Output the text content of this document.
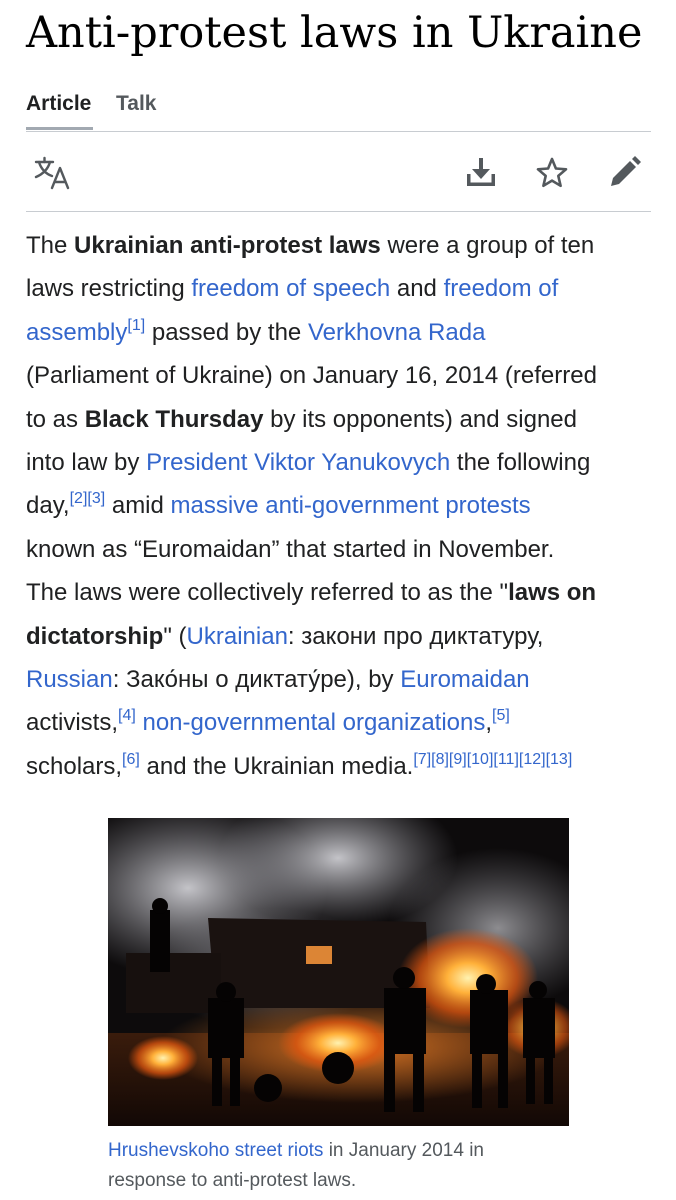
Anti-protest laws in Ukraine
Article Talk

The Ukrainian anti-protest laws were a group of ten
laws restricting freedom of speech and freedom of
assembly[1] passed by the Verkhovna Rada
(Parliament of Ukraine) on January 16, 2014 (referred
to as Black Thursday by its opponents) and signed
into law by President Viktor Yanukovych the following
day,[2][3] amid massive anti-government protests
known as “Euromaidan” that started in November.
The laws were collectively referred to as the "laws on
dictatorship" (Ukrainian: закони про диктатуру,
Russian: Зако́ны о диктату́ре), by Euromaidan
activists,[4] non-governmental organizations,[5]
scholars,[6] and the Ukrainian media.[7][8][9][10][11][12][13]

Hrushevskoho street riots in January 2014 in
response to anti-protest laws.
